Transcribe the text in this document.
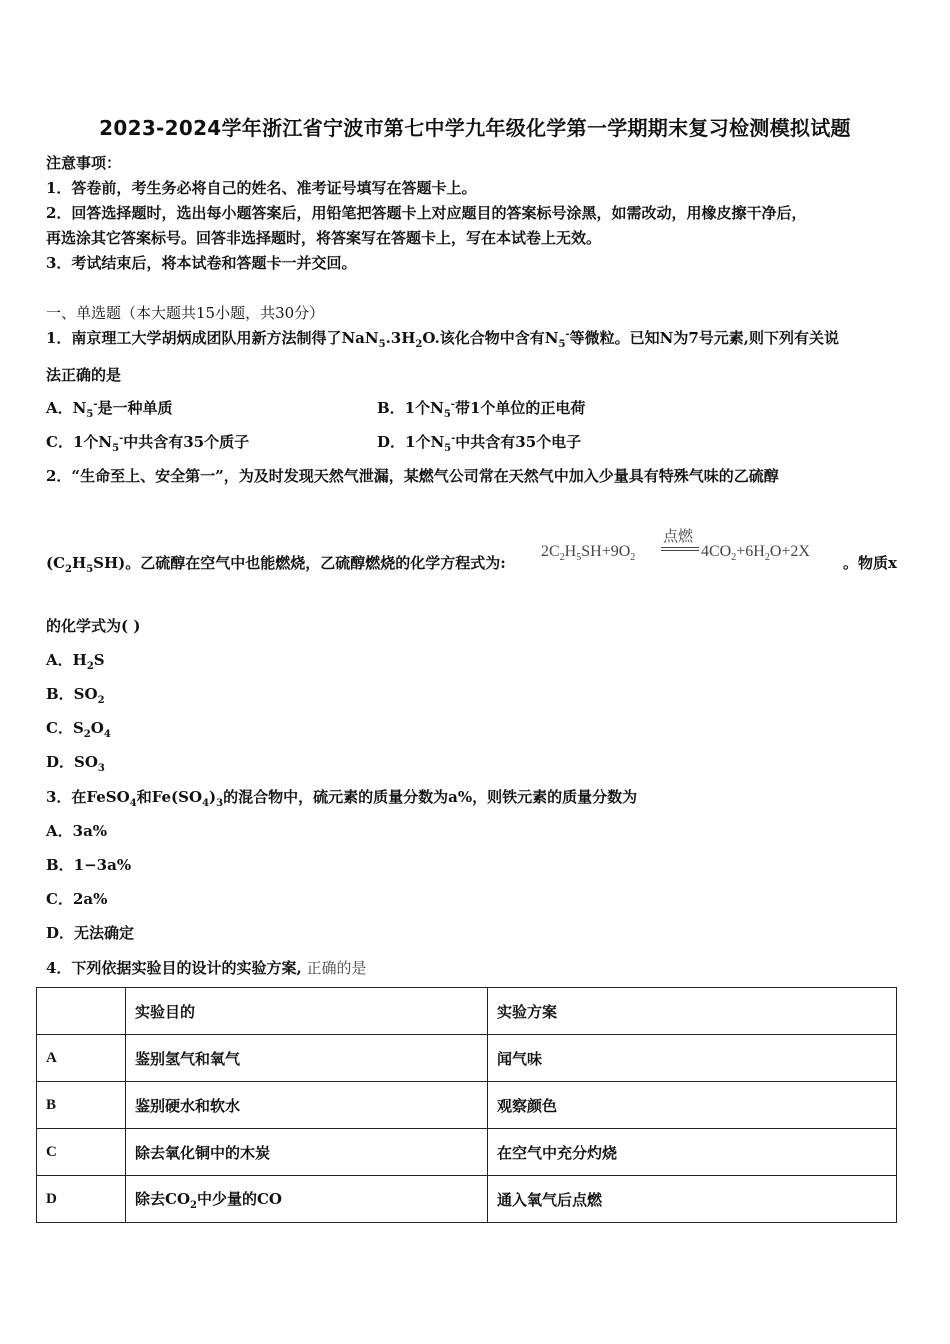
2023-2024学年浙江省宁波市第七中学九年级化学第一学期期末复习检测模拟试题
注意事项：
1．答卷前，考生务必将自己的姓名、准考证号填写在答题卡上。
2．回答选择题时，选出每小题答案后，用铅笔把答题卡上对应题目的答案标号涂黑，如需改动，用橡皮擦干净后，
再选涂其它答案标号。回答非选择题时，将答案写在答题卡上，写在本试卷上无效。
3．考试结束后，将本试卷和答题卡一并交回。
一、单选题（本大题共15小题，共30分）
1．南京理工大学胡炳成团队用新方法制得了$NaN_5.3H_2O$.该化合物中含有$N_5^-$等微粒。已知N为7号元素,则下列有关说
法正确的是
A．$N_5^-$是一种单质	B．1个$N_5^-$带1个单位的正电荷
C．1个$N_5^-$中共含有35个质子	D．1个$N_5^-$中共含有35个电子
2．“生命至上、安全第一”，为及时发现天然气泄漏，某燃气公司常在天然气中加入少量具有特殊气味的乙硫醇
$(C_2H_5SH)$。乙硫醇在空气中也能燃烧，乙硫醇燃烧的化学方程式为:
点燃
$2C_2H_5SH+9O_2$	$4CO_2+6H_2O+2X$
。物质x
的化学式为( )
A．$H_2S$
B．$SO_2$
C．$S_2O_4$
D．$SO_3$
3．在FeSO$_4$和$Fe(SO_4)_3$的混合物中，硫元素的质量分数为a%，则铁元素的质量分数为
A．3a%
B．1−3a%
C．2a%
D．无法确定
4．下列依据实验目的设计的实验方案, 正确的是
	实验目的	实验方案
A	鉴别氢气和氧气	闻气味
B	鉴别硬水和软水	观察颜色
C	除去氧化铜中的木炭	在空气中充分灼烧
D	除去$CO_2$中少量的CO	通入氧气后点燃
